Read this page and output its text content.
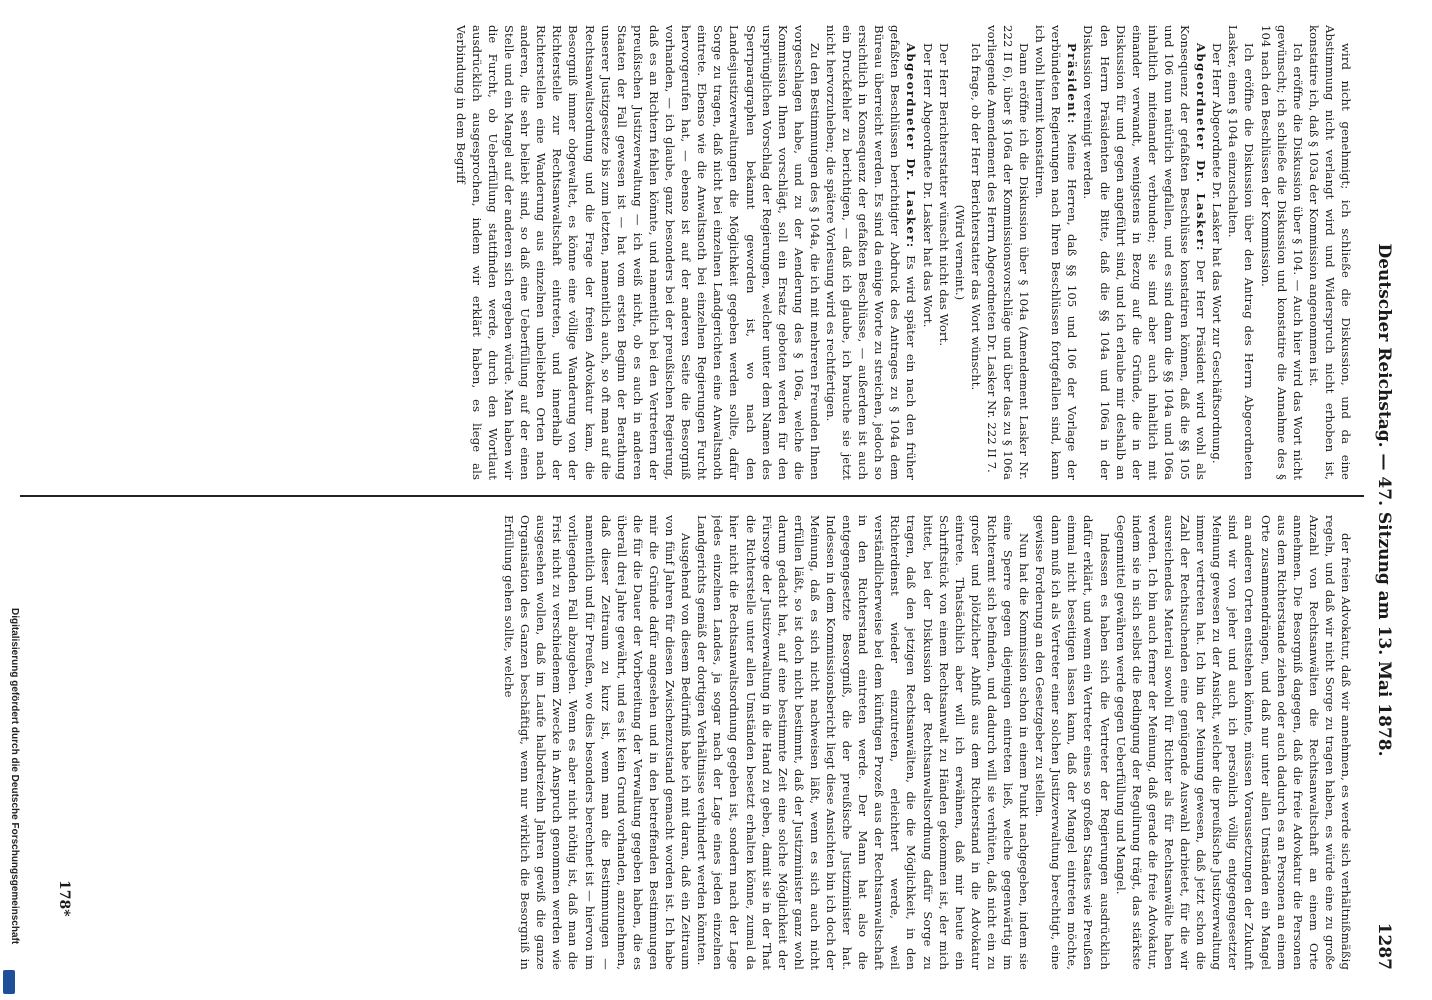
Deutscher Reichstag. — 47. Sitzung am 13. Mai 1878.
1287

wird nicht genehmigt; ich schließe die Diskussion, und da eine Abstimmung nicht verlangt wird und Widerspruch nicht erhoben ist, konstatire ich, daß § 103a der Kommission angenommen ist.

Ich eröffne die Diskussion über § 104. — Auch hier wird das Wort nicht gewünscht; ich schließe die Diskussion und konstatire die Annahme des § 104 nach den Beschlüssen der Kommission.

Ich eröffne die Diskussion über den Antrag des Herrn Abgeordneten Lasker, einen § 104a einzuschalten.

Der Herr Abgeordnete Dr. Lasker hat das Wort zur Geschäftsordnung.

Abgeordneter Dr. Lasker: Der Herr Präsident wird wohl als Konsequenz der gefaßten Beschlüsse konstatiren können, daß die §§ 105 und 106 nun natürlich wegfallen, und es sind dann die §§ 104a und 106a inhaltlich miteinander verbunden; sie sind aber auch inhaltlich mit einander verwandt, wenigstens in Bezug auf die Gründe, die in der Diskussion für und gegen angeführt sind, und ich erlaube mir deshalb an den Herrn Präsidenten die Bitte, daß die §§ 104a und 106a in der Diskussion vereinigt werden.

Präsident: Meine Herren, daß §§ 105 und 106 der Vorlage der verbündeten Regierungen nach Ihren Beschlüssen fortgefallen sind, kann ich wohl hiermit konstatiren.

Dann eröffne ich die Diskussion über § 104a (Amendement Lasker Nr. 222 II 6), über § 106a der Kommissionsvorschläge und über das zu § 106a vorliegende Amendement des Herrn Abgeordneten Dr. Lasker Nr. 222 II 7.

Ich frage, ob der Herr Berichterstatter das Wort wünscht.

(Wird verneint.)

Der Herr Berichterstatter wünscht nicht das Wort.

Der Herr Abgeordnete Dr. Lasker hat das Wort.

Abgeordneter Dr. Lasker: Es wird später ein nach den früher gefaßten Beschlüssen berichtigter Abdruck des Antrages zu § 104a dem Büreau überreicht werden. Es sind da einige Worte zu streichen, jedoch so ersichtlich in Konsequenz der gefaßten Beschlüsse, — außerdem ist auch ein Druckfehler zu berichtigen, — daß ich glaube, ich brauche sie jetzt nicht hervorzuheben; die spätere Vorlesung wird es rechtfertigen.

Zu den Bestimmungen des § 104a, die ich mit mehreren Freunden Ihnen vorgeschlagen habe, und zu der Aenderung des § 106a, welche die Kommission Ihnen vorschlägt, soll ein Ersatz geboten werden für den ursprünglichen Vorschlag der Regierungen, welcher unter dem Namen des Sperrparagraphen bekannt geworden ist, wo nach den Landesjustizverwaltungen die Möglichkeit gegeben werden sollte, dafür Sorge zu tragen, daß nicht bei einzelnen Landgerichten eine Anwaltsnoth eintrete. Ebenso wie die Anwaltsnoth bei einzelnen Regierungen Furcht hervorgerufen hat, — ebenso ist auf der anderen Seite die Besorgniß vorhanden, — ich glaube, ganz besonders bei der preußischen Regierung, daß es an Richtern fehlen könnte, und namentlich bei den Vertretern der preußischen Justizverwaltung — ich weiß nicht, ob es auch in anderen Staaten der Fall gewesen ist — hat vom ersten Beginn der Berathung unserer Justizgesetze bis zum letzten, namentlich auch, so oft man auf die Rechtsanwaltsordnung und die Frage der freien Advokatur kam, die Besorgniß immer obgewaltet, es könne eine völlige Wanderung von der Richterstelle zur Rechtsanwaltschaft eintreten, und innerhalb der Richterstellen eine Wanderung aus einzelnen unbeliebten Orten nach anderen, die sehr beliebt sind, so daß eine Ueberfüllung auf der einen Stelle und ein Mangel auf der anderen sich ergeben würde. Man haben wir die Furcht, ob Ueberfüllung stattfinden werde, durch den Wortlaut ausdrücklich ausgesprochen, indem wir erklärt haben, es liege als Verbindung in dem Begriff

der freien Advokatur, daß wir annehmen, es werde sich verhältnißmäßig regeln, und daß wir nicht Sorge zu tragen haben, es würde eine zu große Anzahl von Rechtsanwälten die Rechtsanwaltschaft an einem Orte annehmen. Die Besorgniß dagegen, daß die freie Advokatur die Personen aus dem Richterstande ziehen oder auch dadurch es an Personen an einem Orte zusammendrängen, und daß nur unter allen Umständen ein Mangel an anderen Orten entstehen könnte, müssen Voraussetzungen der Zukunft sind wir von jeher und auch ich persönlich völlig entgegengesetzter Meinung gewesen zu der Ansicht, welcher die preußische Justizverwaltung immer vertreten hat. Ich bin der Meinung gewesen, daß jetzt schon die Zahl der Rechtsuchenden eine genügende Auswahl darbietet, für die wir ausreichendes Material sowohl für Richter als für Rechtsanwälte haben werden. Ich bin auch ferner der Meinung, daß gerade die freie Advokatur, indem sie in sich selbst die Bedingung der Regulirung trägt, das stärkste Gegenmittel gewähren werde gegen Ueberfüllung und Mangel.

Indessen es haben sich die Vertreter der Regierungen ausdrücklich dafür erklärt, und wenn ein Vertreter eines so großen Staates wie Preußen einmal nicht beseitigen lassen kann, daß der Mangel eintreten möchte, dann muß ich als Vertreter einer solchen Justizverwaltung berechtigt, eine gewisse Forderung an den Gesetzgeber zu stellen.

Nun hat die Kommission schon in einem Punkt nachgegeben, indem sie eine Sperre gegen diejenigen eintreten ließ, welche gegenwärtig im Richteramt sich befinden, und dadurch will sie verhüten, daß nicht ein zu großer und plötzlicher Abfluß aus dem Richterstand in die Advokatur eintrete. Thatsächlich aber will ich erwähnen, daß mir heute ein Schriftstück von einem Rechtsanwalt zu Händen gekommen ist, der mich bittet, bei der Diskussion der Rechtsanwaltsordnung dafür Sorge zu tragen, daß den jetzigen Rechtsanwälten, die die Möglichkeit, in den Richterdienst wieder einzutreten, erleichtert werde, weil verständlicherweise bei dem künftigen Prozeß aus der Rechtsanwaltschaft in den Richterstand eintreten werde. Der Mann hat also die entgegengesetzte Besorgniß, die der preußische Justizminister hat. Indessen in dem Kommissionsbericht liegt diese Ansichten bin ich doch der Meinung, daß es sich nicht nachweisen läßt, wenn es sich auch nicht erfüllen läßt, so ist doch nicht bestimmt, daß der Justizminister ganz wohl darum gedacht hat, auf eine bestimmte Zeit eine solche Möglichkeit der Fürsorge der Justizverwaltung in die Hand zu geben, damit sie in der That die Richterstelle unter allen Umständen besetzt erhalten könne, zumal da hier nicht die Rechtsanwaltsordnung gegeben ist, sondern nach der Lage jedes einzelnen Landes, ja sogar nach der Lage eines jeden einzelnen Landgerichts gemäß der dortigen Verhältnisse verhindert werden könnten.

Ausgehend von diesem Bedürfniß habe ich mit daran, daß ein Zeitraum von fünf Jahren für diesen Zwischenzustand gemacht worden ist. Ich habe mir die Gründe dafür angesehen und in den betreffenden Bestimmungen die für die Dauer der Vorbereitung der Verwaltung gegeben haben, die es überall drei Jahre gewährt, und es ist kein Grund vorhanden, anzunehmen, daß dieser Zeitraum zu kurz ist, wenn man die Bestimmungen — namentlich und für Preußen, wo dies besonders berechnet ist — hiervon im vorliegenden Fall abzugeben. Wenn es aber nicht nöthig ist, daß man die Frist nicht zu verschiedenem Zwecke in Anspruch genommen werden wie ausgesehen wollen, daß im Laufe halbdreizehn Jahren gewiß die ganze Organisation des Ganzen beschäftigt, wenn nur wirklich die Besorgniß in Erfüllung gehen sollte, welche

178*
Digitalisierung gefördert durch die Deutsche Forschungsgemeinschaft
